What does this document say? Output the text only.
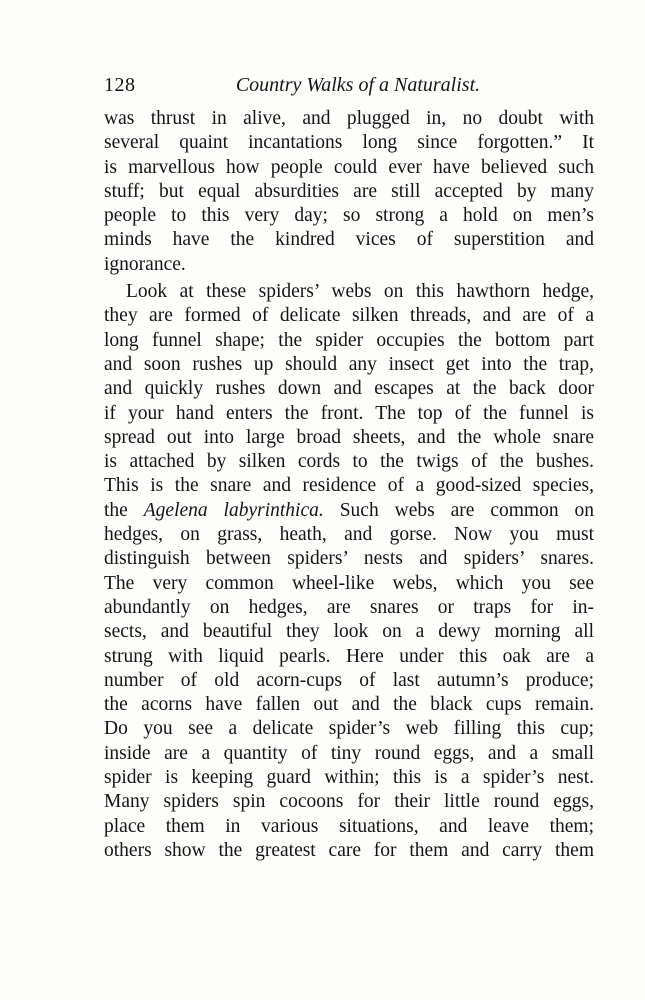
128	Country Walks of a Naturalist.
was thrust in alive, and plugged in, no doubt with
several quaint incantations long since forgotten.” It
is marvellous how people could ever have believed such
stuff; but equal absurdities are still accepted by many
people to this very day; so strong a hold on men’s
minds have the kindred vices of superstition and
ignorance.
Look at these spiders’ webs on this hawthorn hedge,
they are formed of delicate silken threads, and are of a
long funnel shape; the spider occupies the bottom part
and soon rushes up should any insect get into the trap,
and quickly rushes down and escapes at the back door
if your hand enters the front. The top of the funnel is
spread out into large broad sheets, and the whole snare
is attached by silken cords to the twigs of the bushes.
This is the snare and residence of a good-sized species,
the Agelena labyrinthica. Such webs are common on
hedges, on grass, heath, and gorse. Now you must
distinguish between spiders’ nests and spiders’ snares.
The very common wheel-like webs, which you see
abundantly on hedges, are snares or traps for in-
sects, and beautiful they look on a dewy morning all
strung with liquid pearls. Here under this oak are a
number of old acorn-cups of last autumn’s produce;
the acorns have fallen out and the black cups remain.
Do you see a delicate spider’s web filling this cup;
inside are a quantity of tiny round eggs, and a small
spider is keeping guard within; this is a spider’s nest.
Many spiders spin cocoons for their little round eggs,
place them in various situations, and leave them;
others show the greatest care for them and carry them
